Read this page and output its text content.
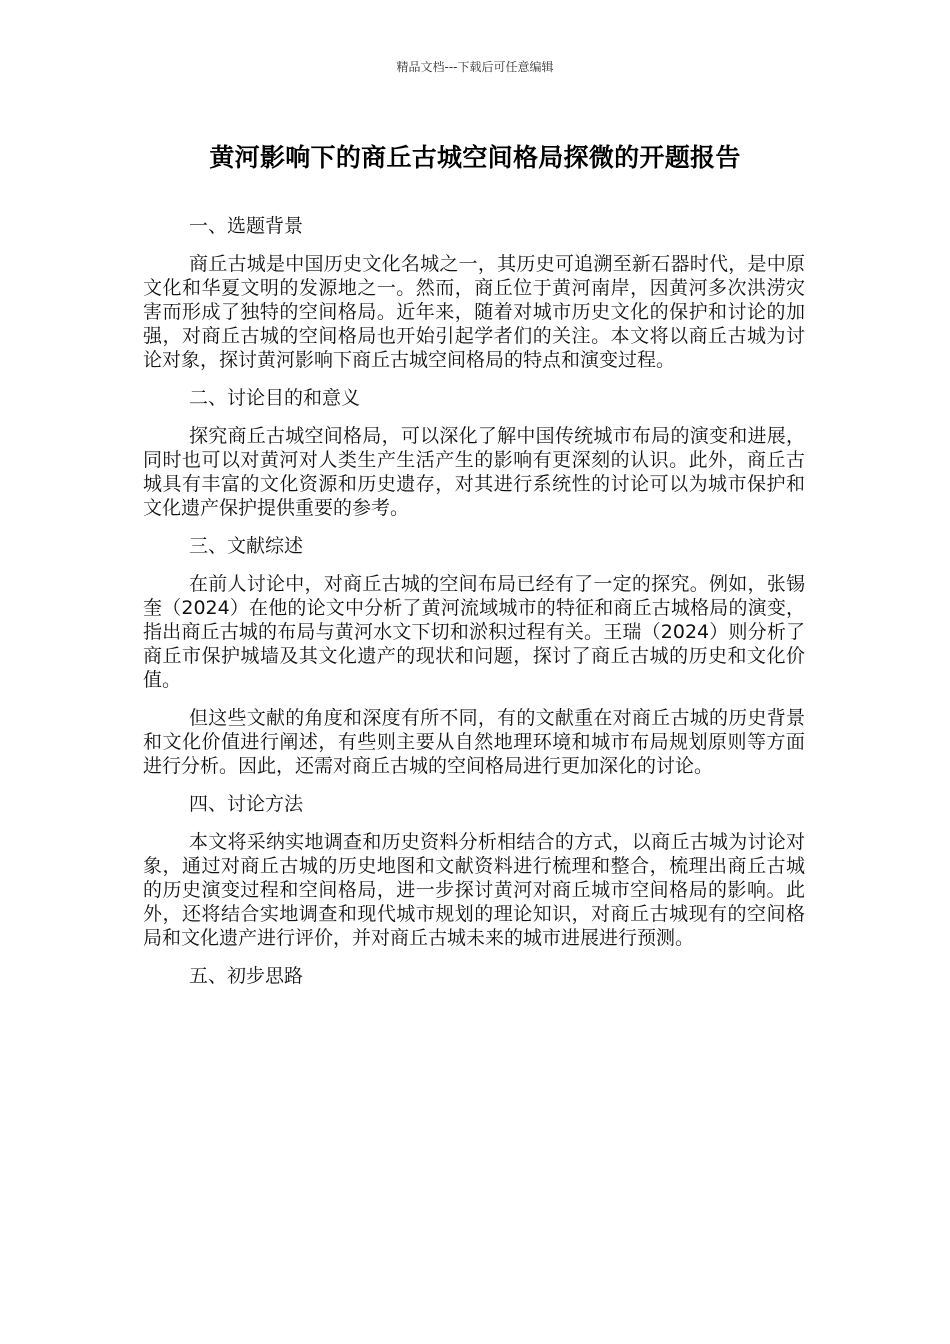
精品文档---下载后可任意编辑
黄河影响下的商丘古城空间格局探微的开题报告

一、选题背景

商丘古城是中国历史文化名城之一，其历史可追溯至新石器时代，是中原文化和华夏文明的发源地之一。然而，商丘位于黄河南岸，因黄河多次洪涝灾害而形成了独特的空间格局。近年来，随着对城市历史文化的保护和讨论的加强，对商丘古城的空间格局也开始引起学者们的关注。本文将以商丘古城为讨论对象，探讨黄河影响下商丘古城空间格局的特点和演变过程。

二、讨论目的和意义

探究商丘古城空间格局，可以深化了解中国传统城市布局的演变和进展，同时也可以对黄河对人类生产生活产生的影响有更深刻的认识。此外，商丘古城具有丰富的文化资源和历史遗存，对其进行系统性的讨论可以为城市保护和文化遗产保护提供重要的参考。

三、文献综述

在前人讨论中，对商丘古城的空间布局已经有了一定的探究。例如，张锡奎（2024）在他的论文中分析了黄河流域城市的特征和商丘古城格局的演变，指出商丘古城的布局与黄河水文下切和淤积过程有关。王瑞（2024）则分析了商丘市保护城墙及其文化遗产的现状和问题，探讨了商丘古城的历史和文化价值。

但这些文献的角度和深度有所不同，有的文献重在对商丘古城的历史背景和文化价值进行阐述，有些则主要从自然地理环境和城市布局规划原则等方面进行分析。因此，还需对商丘古城的空间格局进行更加深化的讨论。

四、讨论方法

本文将采纳实地调查和历史资料分析相结合的方式，以商丘古城为讨论对象，通过对商丘古城的历史地图和文献资料进行梳理和整合，梳理出商丘古城的历史演变过程和空间格局，进一步探讨黄河对商丘城市空间格局的影响。此外，还将结合实地调查和现代城市规划的理论知识，对商丘古城现有的空间格局和文化遗产进行评价，并对商丘古城未来的城市进展进行预测。

五、初步思路
